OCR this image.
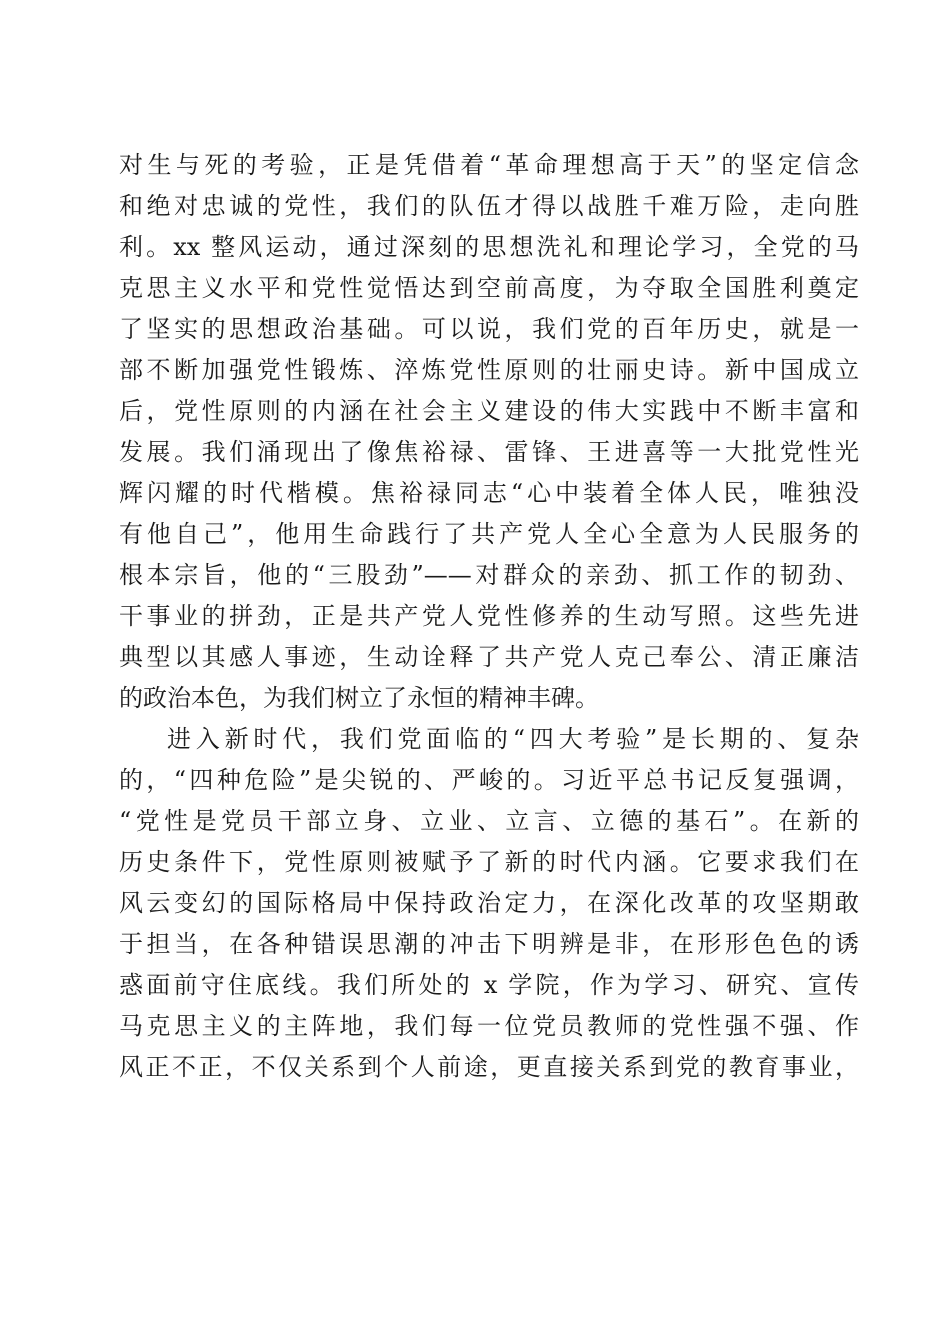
对生与死的考验，正是凭借着“革命理想高于天”的坚定信念
和绝对忠诚的党性，我们的队伍才得以战胜千难万险，走向胜
利。xx 整风运动，通过深刻的思想洗礼和理论学习，全党的马
克思主义水平和党性觉悟达到空前高度，为夺取全国胜利奠定
了坚实的思想政治基础。可以说，我们党的百年历史，就是一
部不断加强党性锻炼、淬炼党性原则的壮丽史诗。新中国成立
后，党性原则的内涵在社会主义建设的伟大实践中不断丰富和
发展。我们涌现出了像焦裕禄、雷锋、王进喜等一大批党性光
辉闪耀的时代楷模。焦裕禄同志“心中装着全体人民，唯独没
有他自己”，他用生命践行了共产党人全心全意为人民服务的
根本宗旨，他的“三股劲”——对群众的亲劲、抓工作的韧劲、
干事业的拼劲，正是共产党人党性修养的生动写照。这些先进
典型以其感人事迹，生动诠释了共产党人克己奉公、清正廉洁
的政治本色，为我们树立了永恒的精神丰碑。
进入新时代，我们党面临的“四大考验”是长期的、复杂
的，“四种危险”是尖锐的、严峻的。习近平总书记反复强调，
“党性是党员干部立身、立业、立言、立德的基石”。在新的
历史条件下，党性原则被赋予了新的时代内涵。它要求我们在
风云变幻的国际格局中保持政治定力，在深化改革的攻坚期敢
于担当，在各种错误思潮的冲击下明辨是非，在形形色色的诱
惑面前守住底线。我们所处的 x 学院，作为学习、研究、宣传
马克思主义的主阵地，我们每一位党员教师的党性强不强、作
风正不正，不仅关系到个人前途，更直接关系到党的教育事业，
